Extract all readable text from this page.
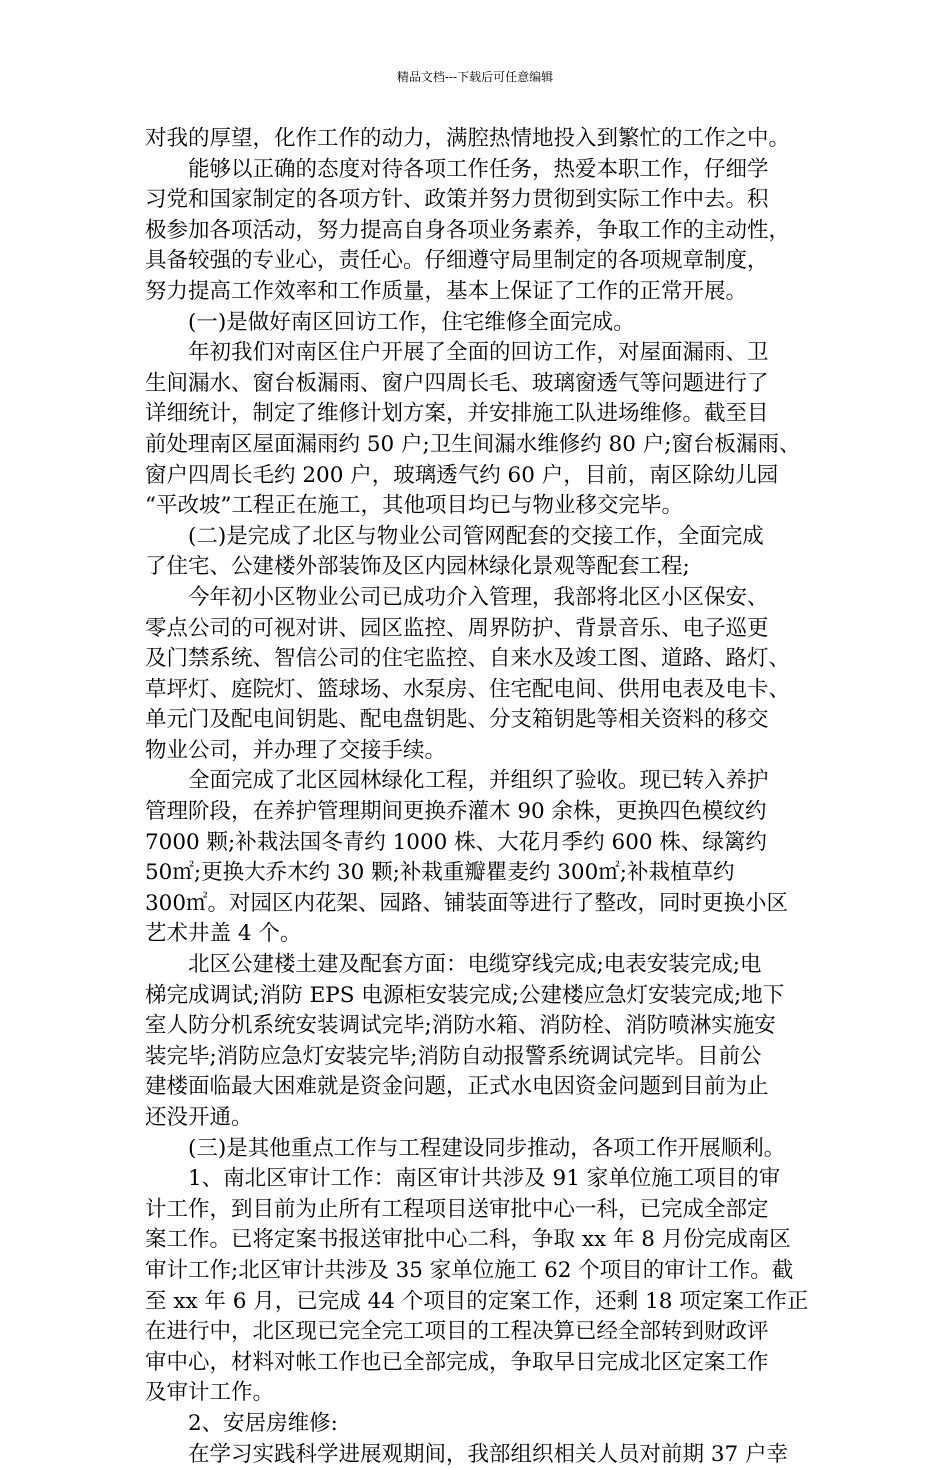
精品文档---下载后可任意编辑
对我的厚望，化作工作的动力，满腔热情地投入到繁忙的工作之中。
能够以正确的态度对待各项工作任务，热爱本职工作，仔细学
习党和国家制定的各项方针、政策并努力贯彻到实际工作中去。积
极参加各项活动，努力提高自身各项业务素养，争取工作的主动性，
具备较强的专业心，责任心。仔细遵守局里制定的各项规章制度，
努力提高工作效率和工作质量，基本上保证了工作的正常开展。
(一)是做好南区回访工作，住宅维修全面完成。
年初我们对南区住户开展了全面的回访工作，对屋面漏雨、卫
生间漏水、窗台板漏雨、窗户四周长毛、玻璃窗透气等问题进行了
详细统计，制定了维修计划方案，并安排施工队进场维修。截至目
前处理南区屋面漏雨约 50 户;卫生间漏水维修约 80 户;窗台板漏雨、
窗户四周长毛约 200 户，玻璃透气约 60 户，目前，南区除幼儿园
“平改坡”工程正在施工，其他项目均已与物业移交完毕。
(二)是完成了北区与物业公司管网配套的交接工作，全面完成
了住宅、公建楼外部装饰及区内园林绿化景观等配套工程;
今年初小区物业公司已成功介入管理，我部将北区小区保安、
零点公司的可视对讲、园区监控、周界防护、背景音乐、电子巡更
及门禁系统、智信公司的住宅监控、自来水及竣工图、道路、路灯、
草坪灯、庭院灯、篮球场、水泵房、住宅配电间、供用电表及电卡、
单元门及配电间钥匙、配电盘钥匙、分支箱钥匙等相关资料的移交
物业公司，并办理了交接手续。
全面完成了北区园林绿化工程，并组织了验收。现已转入养护
管理阶段，在养护管理期间更换乔灌木 90 余株，更换四色模纹约
7000 颗;补栽法国冬青约 1000 株、大花月季约 600 株、绿篱约
50㎡;更换大乔木约 30 颗;补栽重瓣瞿麦约 300㎡;补栽植草约
300㎡。对园区内花架、园路、铺装面等进行了整改，同时更换小区
艺术井盖 4 个。
北区公建楼土建及配套方面：电缆穿线完成;电表安装完成;电
梯完成调试;消防 EPS 电源柜安装完成;公建楼应急灯安装完成;地下
室人防分机系统安装调试完毕;消防水箱、消防栓、消防喷淋实施安
装完毕;消防应急灯安装完毕;消防自动报警系统调试完毕。目前公
建楼面临最大困难就是资金问题，正式水电因资金问题到目前为止
还没开通。
(三)是其他重点工作与工程建设同步推动，各项工作开展顺利。
1、南北区审计工作：南区审计共涉及 91 家单位施工项目的审
计工作，到目前为止所有工程项目送审批中心一科，已完成全部定
案工作。已将定案书报送审批中心二科，争取 xx 年 8 月份完成南区
审计工作;北区审计共涉及 35 家单位施工 62 个项目的审计工作。截
至 xx 年 6 月，已完成 44 个项目的定案工作，还剩 18 项定案工作正
在进行中，北区现已完全完工项目的工程决算已经全部转到财政评
审中心，材料对帐工作也已全部完成，争取早日完成北区定案工作
及审计工作。
2、安居房维修:
在学习实践科学进展观期间，我部组织相关人员对前期 37 户幸
